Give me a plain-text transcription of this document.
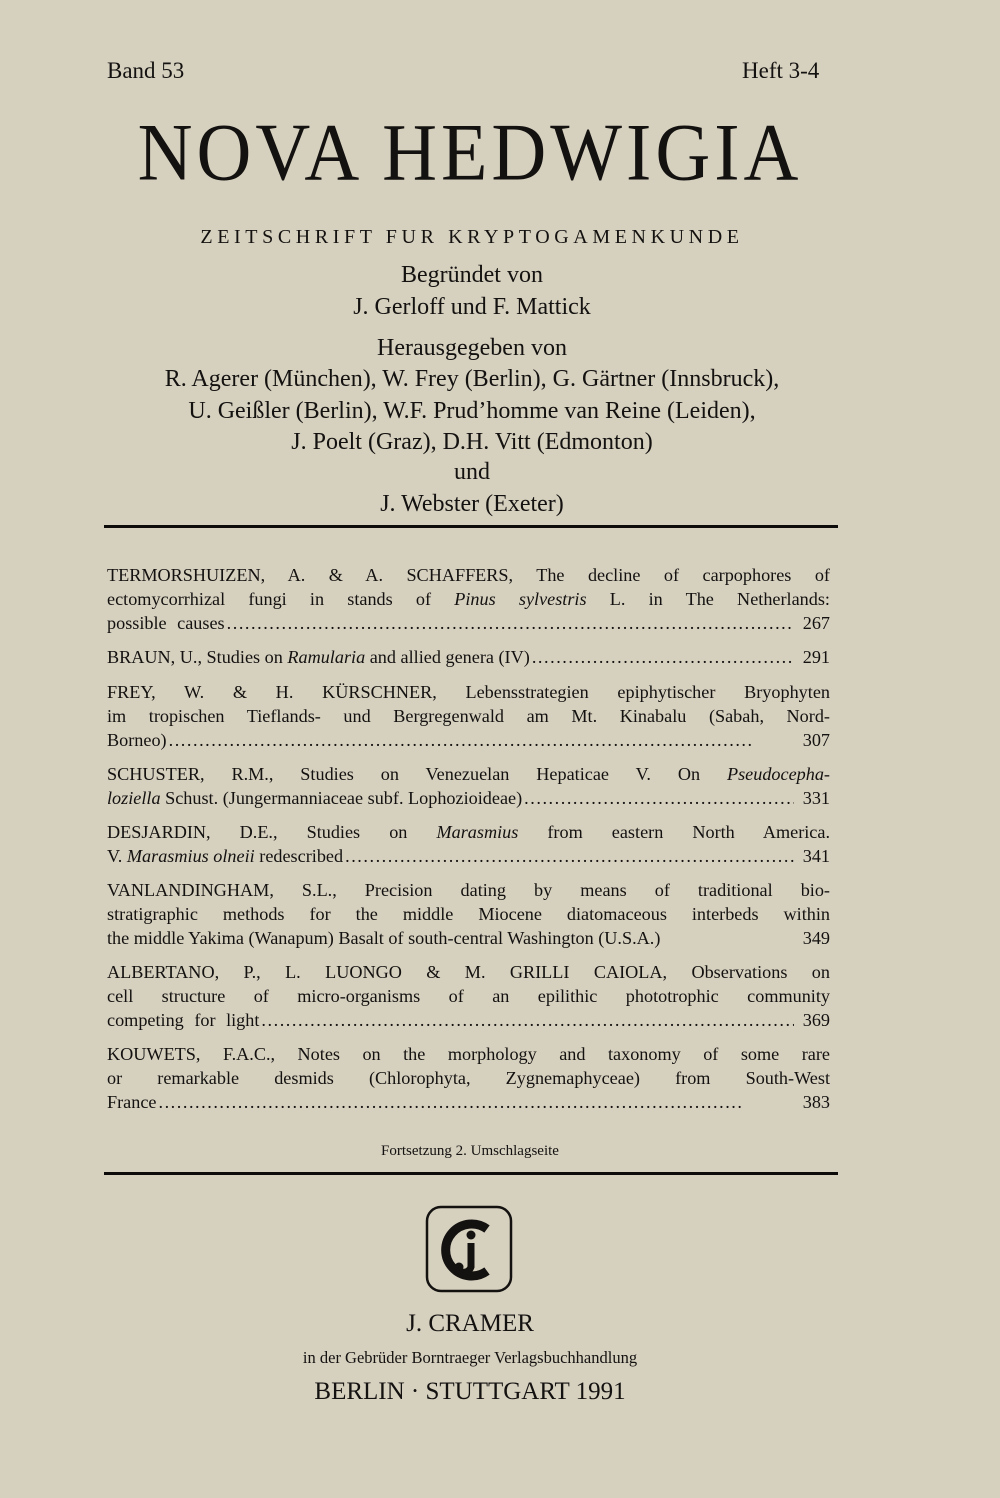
Band 53	Heft 3-4
NOVA HEDWIGIA
ZEITSCHRIFT FUR KRYPTOGAMENKUNDE
Begründet von
J. Gerloff und F. Mattick
Herausgegeben von
R. Agerer (München), W. Frey (Berlin), G. Gärtner (Innsbruck),
U. Geißler (Berlin), W.F. Prud’homme van Reine (Leiden),
J. Poelt (Graz), D.H. Vitt (Edmonton)
und
J. Webster (Exeter)
TERMORSHUIZEN, A. & A. SCHAFFERS, The decline of carpophores of
ectomycorrhizal fungi in stands of Pinus sylvestris L. in The Netherlands:
possible causes . . .	267
BRAUN, U., Studies on Ramularia and allied genera (IV) . . .	291
FREY, W. & H. KÜRSCHNER, Lebensstrategien epiphytischer Bryophyten
im tropischen Tieflands- und Bergregenwald am Mt. Kinabalu (Sabah, Nord-
Borneo) . . .	307
SCHUSTER, R.M., Studies on Venezuelan Hepaticae V. On Pseudocepha-
loziella Schust. (Jungermanniaceae subf. Lophozioideae) . . .	331
DESJARDIN, D.E., Studies on Marasmius from eastern North America.
V. Marasmius olneii redescribed . . .	341
VANLANDINGHAM, S.L., Precision dating by means of traditional bio-
stratigraphic methods for the middle Miocene diatomaceous interbeds within
the middle Yakima (Wanapum) Basalt of south-central Washington (U.S.A.)	349
ALBERTANO, P., L. LUONGO & M. GRILLI CAIOLA, Observations on
cell structure of micro-organisms of an epilithic phototrophic community
competing for light . . .	369
KOUWETS, F.A.C., Notes on the morphology and taxonomy of some rare
or remarkable desmids (Chlorophyta, Zygnemaphyceae) from South-West
France . . .	383
Fortsetzung 2. Umschlagseite
J. CRAMER
in der Gebrüder Borntraeger Verlagsbuchhandlung
BERLIN · STUTTGART 1991
